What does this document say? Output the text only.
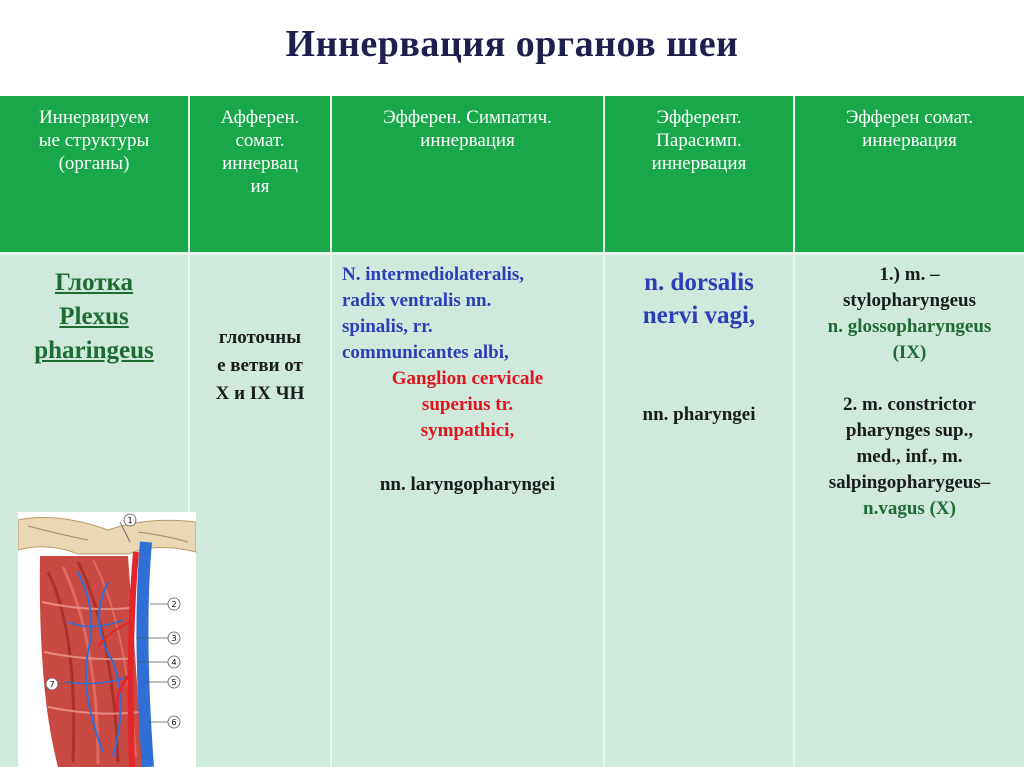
Иннервация органов шеи
Иннервируем
ые структуры
(органы)
Афферен.
сомат.
иннервац
ия
Эфферен. Симпатич.
иннервация
Эфферент.
Парасимп.
иннервация
Эфферен сомат.
иннервация
Глотка
Plexus
pharingeus	глоточны
е ветви от
X и IX ЧН
N. intermediolateralis,
radix ventralis nn.
spinalis, rr.
communicantes albi,
Ganglion cervicale
superius tr.
sympathici,
nn. laryngopharyngei
n. dorsalis
nervi vagi,
nn. pharyngei
1.) m. –
stylopharyngeus
n. glossopharyngeus
(IX)
2. m. constrictor
pharynges sup.,
med., inf., m.
salpingopharygeus–
n.vagus (X)
1
2
3
4
5
6
7
